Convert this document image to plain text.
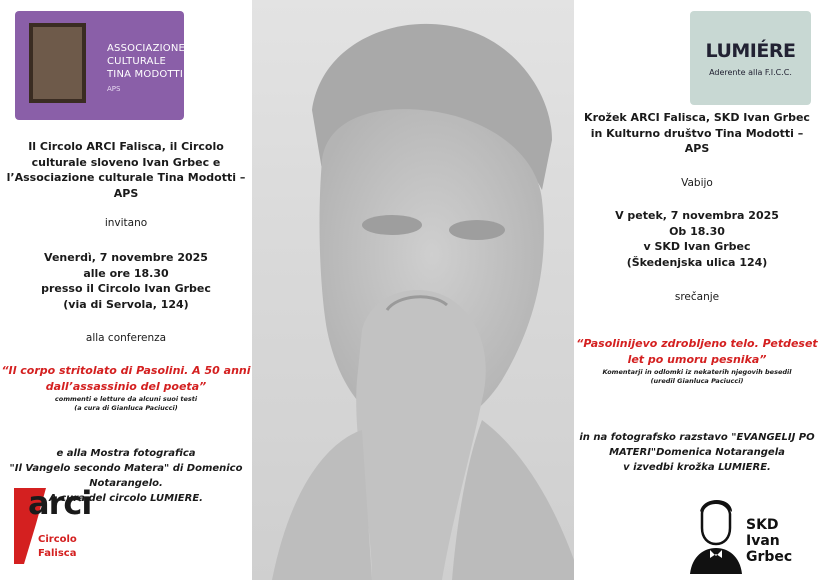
ASSOCIAZIONE
CULTURALE
TINA MODOTTI
APS
LUMIÉRE
Aderente alla F.I.C.C.
Il Circolo ARCI Falisca, il Circolo
culturale sloveno Ivan Grbec e
l’Associazione culturale Tina Modotti –
APS
invitano
Venerdì, 7 novembre 2025
alle ore 18.30
presso il Circolo Ivan Grbec
(via di Servola, 124)
alla conferenza
“Il corpo stritolato di Pasolini. A 50 anni
dall’assassinio del poeta”
commenti e letture da alcuni suoi testi
(a cura di Gianluca Paciucci)
e alla Mostra fotografica
"Il Vangelo secondo Matera" di Domenico
Notarangelo.
A cura del circolo LUMIERE.
Krožek ARCI Falisca, SKD Ivan Grbec
in Kulturno društvo Tina Modotti –
APS
Vabijo
V petek, 7 novembra 2025
Ob 18.30
v SKD Ivan Grbec
(Škedenjska ulica 124)
srečanje
“Pasolinijevo zdrobljeno telo. Petdeset
let po umoru pesnika”
Komentarji in odlomki iz nekaterih njegovih besedil
(uredil Gianluca Paciucci)
in na fotografsko razstavo "EVANGELIJ PO
MATERI"Domenica Notarangela
v izvedbi krožka LUMIERE.
arci
Circolo
Falisca
SKD
Ivan
Grbec
